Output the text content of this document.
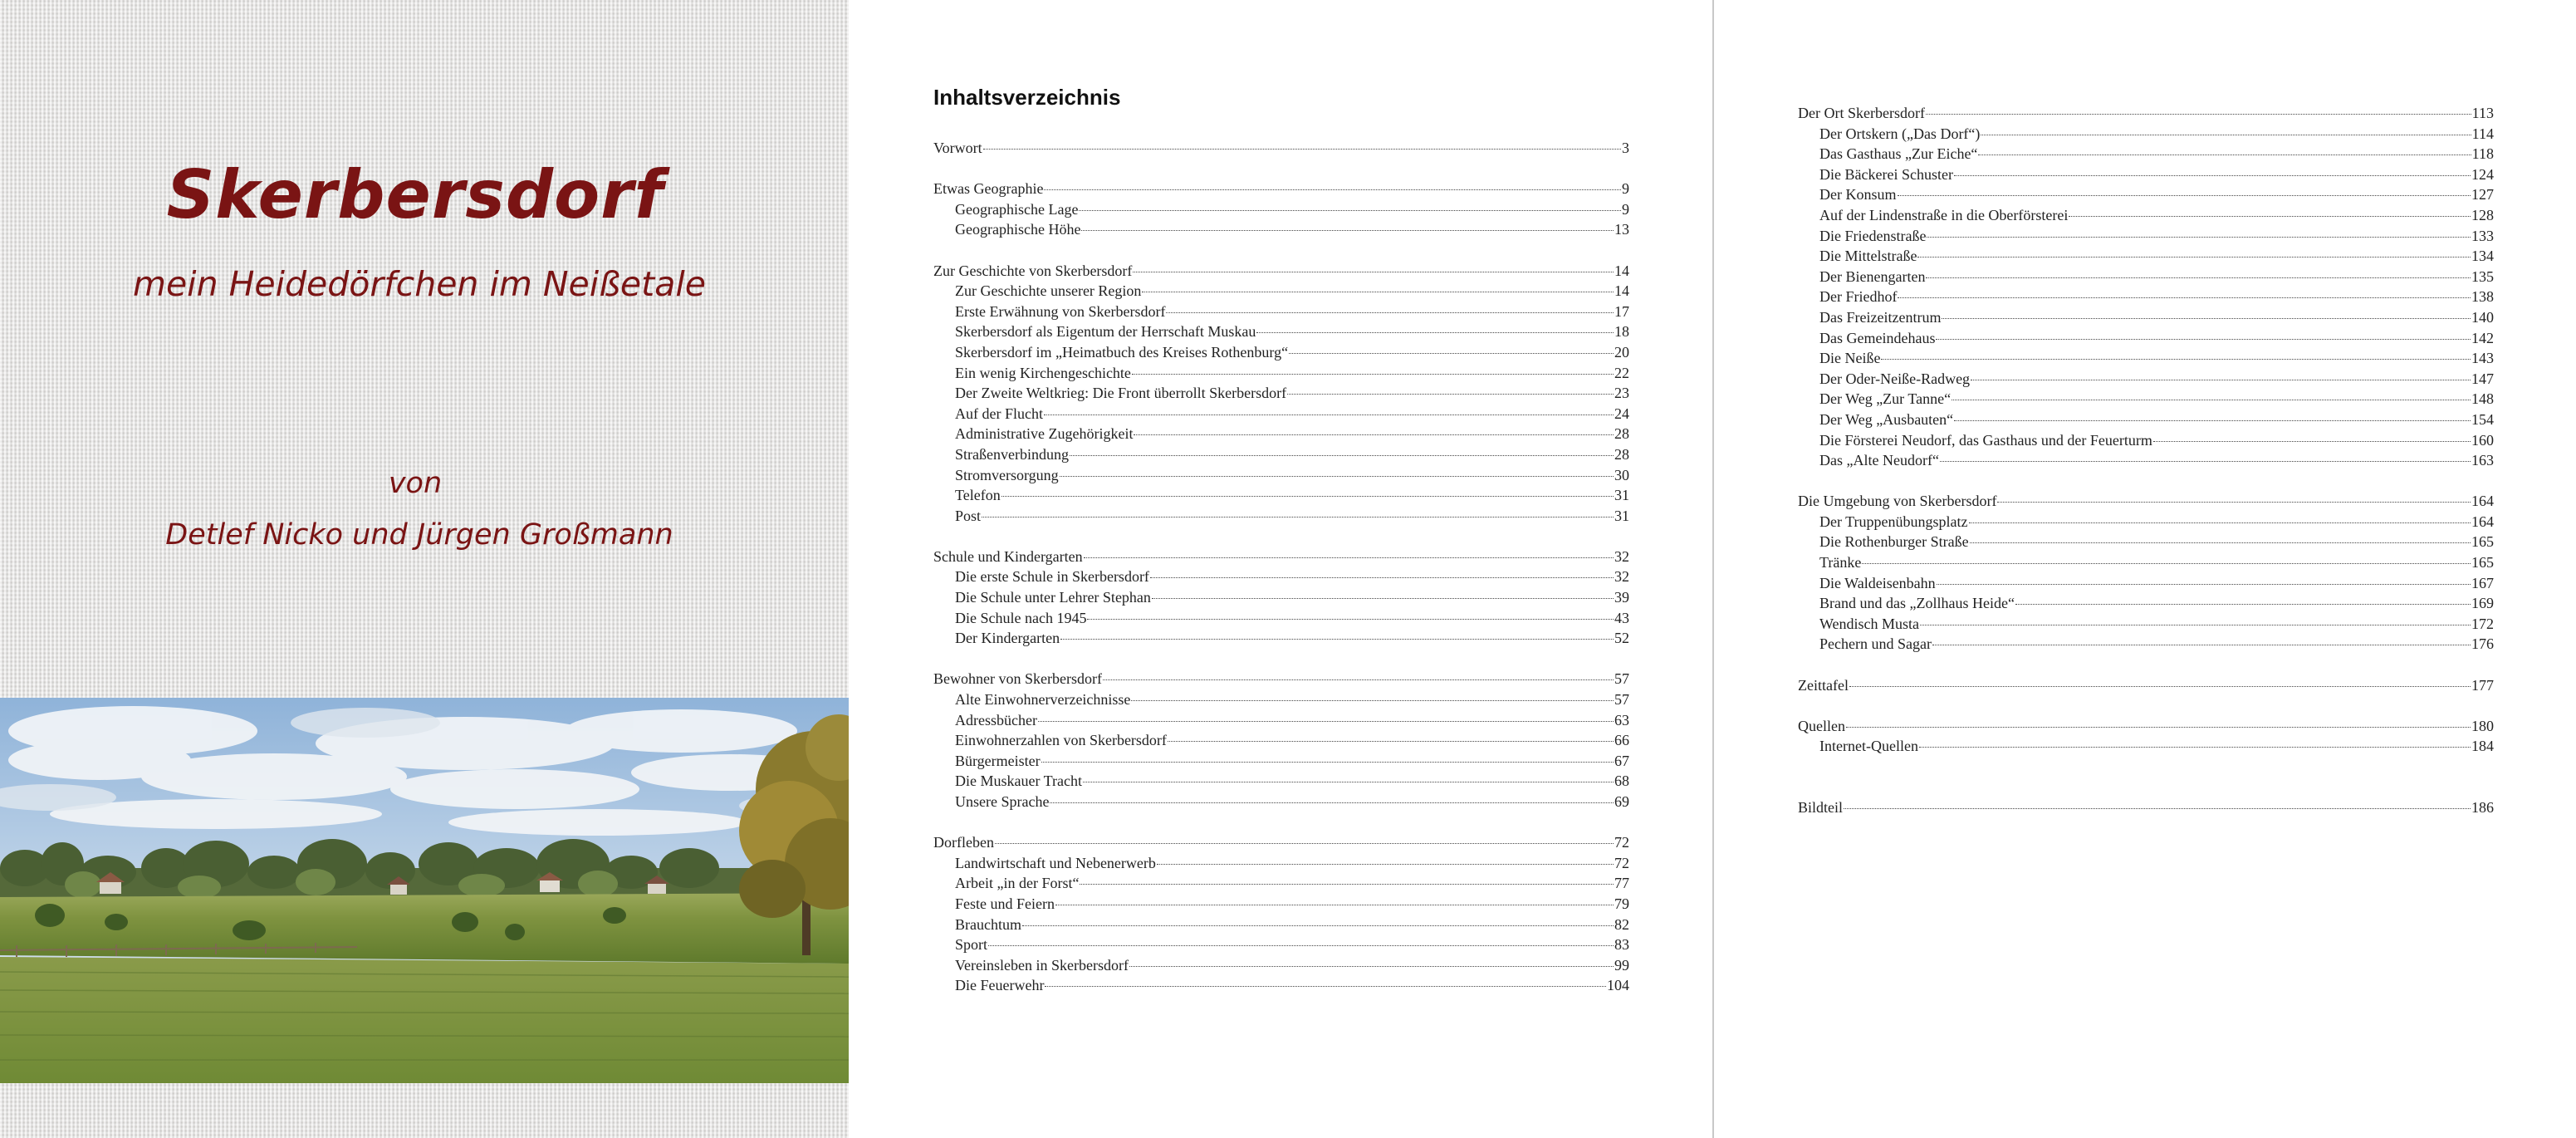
Skerbersdorf
mein Heidedörfchen im Neißetale
von
Detlef Nicko und Jürgen Großmann
Inhaltsverzeichnis
Vorwort	3
Etwas Geographie	9
Geographische Lage	9
Geographische Höhe	13
Zur Geschichte von Skerbersdorf	14
Zur Geschichte unserer Region	14
Erste Erwähnung von Skerbersdorf	17
Skerbersdorf als Eigentum der Herrschaft Muskau	18
Skerbersdorf im „Heimatbuch des Kreises Rothenburg“	20
Ein wenig Kirchengeschichte	22
Der Zweite Weltkrieg: Die Front überrollt Skerbersdorf	23
Auf der Flucht	24
Administrative Zugehörigkeit	28
Straßenverbindung	28
Stromversorgung	30
Telefon	31
Post	31
Schule und Kindergarten	32
Die erste Schule in Skerbersdorf	32
Die Schule unter Lehrer Stephan	39
Die Schule nach 1945	43
Der Kindergarten	52
Bewohner von Skerbersdorf	57
Alte Einwohnerverzeichnisse	57
Adressbücher	63
Einwohnerzahlen von Skerbersdorf	66
Bürgermeister	67
Die Muskauer Tracht	68
Unsere Sprache	69
Dorfleben	72
Landwirtschaft und Nebenerwerb	72
Arbeit „in der Forst“	77
Feste und Feiern	79
Brauchtum	82
Sport	83
Vereinsleben in Skerbersdorf	99
Die Feuerwehr	104
Der Ort Skerbersdorf	113
Der Ortskern („Das Dorf“)	114
Das Gasthaus „Zur Eiche“	118
Die Bäckerei Schuster	124
Der Konsum	127
Auf der Lindenstraße in die Oberförsterei	128
Die Friedenstraße	133
Die Mittelstraße	134
Der Bienengarten	135
Der Friedhof	138
Das Freizeitzentrum	140
Das Gemeindehaus	142
Die Neiße	143
Der Oder-Neiße-Radweg	147
Der Weg „Zur Tanne“	148
Der Weg „Ausbauten“	154
Die Försterei Neudorf, das Gasthaus und der Feuerturm	160
Das „Alte Neudorf“	163
Die Umgebung von Skerbersdorf	164
Der Truppenübungsplatz	164
Die Rothenburger Straße	165
Tränke	165
Die Waldeisenbahn	167
Brand und das „Zollhaus Heide“	169
Wendisch Musta	172
Pechern und Sagar	176
Zeittafel	177
Quellen	180
Internet-Quellen	184
Bildteil	186
